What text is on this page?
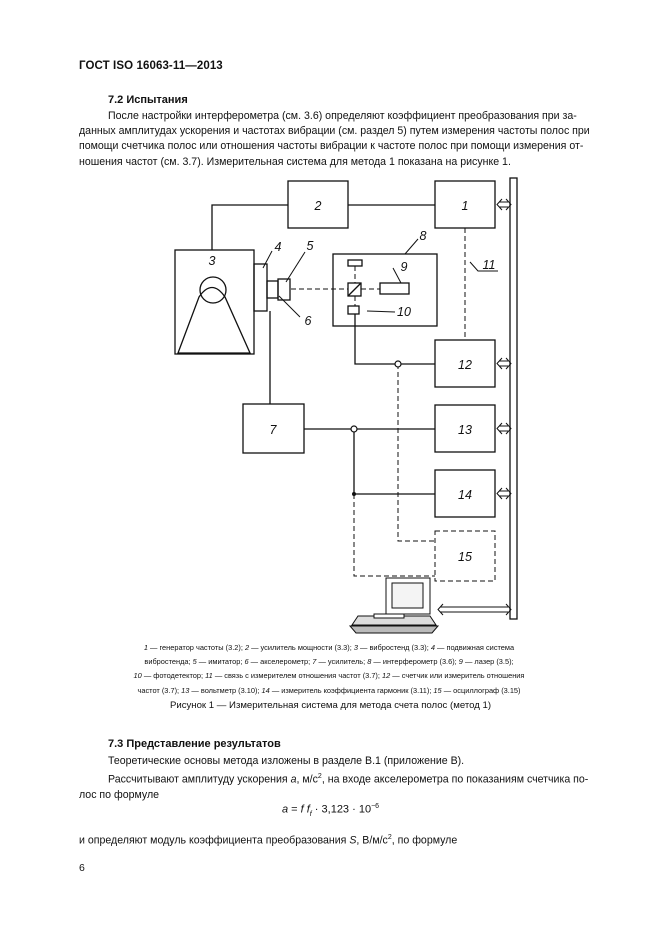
ГОСТ ISO 16063-11—2013
7.2 Испытания
После настройки интерферометра (см. 3.6) определяют коэффициент преобразования при за-
данных амплитудах ускорения и частотах вибрации (см. раздел 5) путем измерения частоты полос при
помощи счетчика полос или отношения частоты вибрации к частоте полос при помощи измерения от-
ношения частот (см. 3.7). Измерительная система для метода 1 показана на рисунке 1.
1
2
3
4 5
6
7
8
9
10
11
12
13
14
15
1 — генератор частоты (3.2); 2 — усилитель мощности (3.3); 3 — вибростенд (3.3); 4 — подвижная система
вибростенда; 5 — имитатор; 6 — акселерометр; 7 — усилитель; 8 — интерферометр (3.6); 9 — лазер (3.5);
10 — фотодетектор; 11 — связь с измерителем отношения частот (3.7); 12 — счетчик или измеритель отношения
частот (3.7); 13 — вольтметр (3.10); 14 — измеритель коэффициента гармоник (3.11); 15 — осциллограф (3.15)
Рисунок 1 — Измерительная система для метода счета полос (метод 1)
7.3 Представление результатов
Теоретические основы метода изложены в разделе В.1 (приложение В).
Рассчитывают амплитуду ускорения a, $м/с^2$, на входе акселерометра по показаниям счетчика по-
лос по формуле
a = f $f_f \cdot 3,123 \cdot 10^{-6}$
и определяют модуль коэффициента преобразования S, $В/м/с^2$, по формуле
6
